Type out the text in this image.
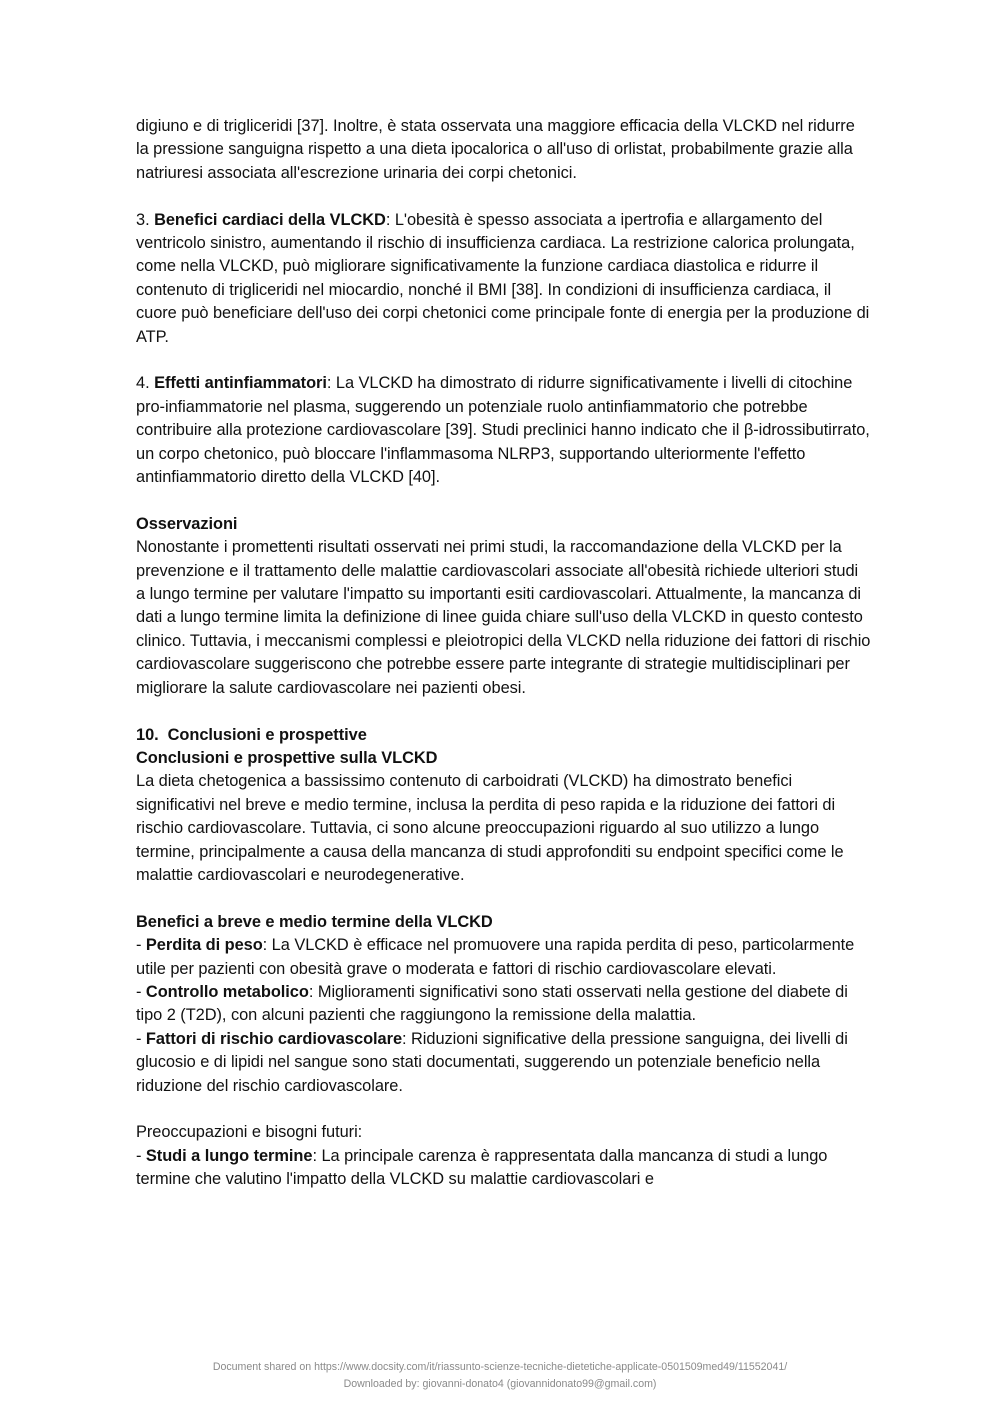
digiuno e di trigliceridi [37]. Inoltre, è stata osservata una maggiore efficacia della VLCKD nel ridurre la pressione sanguigna rispetto a una dieta ipocalorica o all'uso di orlistat, probabilmente grazie alla natriuresi associata all'escrezione urinaria dei corpi chetonici.

3. Benefici cardiaci della VLCKD: L'obesità è spesso associata a ipertrofia e allargamento del ventricolo sinistro, aumentando il rischio di insufficienza cardiaca. La restrizione calorica prolungata, come nella VLCKD, può migliorare significativamente la funzione cardiaca diastolica e ridurre il contenuto di trigliceridi nel miocardio, nonché il BMI [38]. In condizioni di insufficienza cardiaca, il cuore può beneficiare dell'uso dei corpi chetonici come principale fonte di energia per la produzione di ATP.

4. Effetti antinfiammatori: La VLCKD ha dimostrato di ridurre significativamente i livelli di citochine pro-infiammatorie nel plasma, suggerendo un potenziale ruolo antinfiammatorio che potrebbe contribuire alla protezione cardiovascolare [39]. Studi preclinici hanno indicato che il β-idrossibutirrato, un corpo chetonico, può bloccare l'inflammasoma NLRP3, supportando ulteriormente l'effetto antinfiammatorio diretto della VLCKD [40].

Osservazioni

Nonostante i promettenti risultati osservati nei primi studi, la raccomandazione della VLCKD per la prevenzione e il trattamento delle malattie cardiovascolari associate all'obesità richiede ulteriori studi a lungo termine per valutare l'impatto su importanti esiti cardiovascolari. Attualmente, la mancanza di dati a lungo termine limita la definizione di linee guida chiare sull'uso della VLCKD in questo contesto clinico. Tuttavia, i meccanismi complessi e pleiotropici della VLCKD nella riduzione dei fattori di rischio cardiovascolare suggeriscono che potrebbe essere parte integrante di strategie multidisciplinari per migliorare la salute cardiovascolare nei pazienti obesi.

10.  Conclusioni e prospettive

Conclusioni e prospettive sulla VLCKD

La dieta chetogenica a bassissimo contenuto di carboidrati (VLCKD) ha dimostrato benefici significativi nel breve e medio termine, inclusa la perdita di peso rapida e la riduzione dei fattori di rischio cardiovascolare. Tuttavia, ci sono alcune preoccupazioni riguardo al suo utilizzo a lungo termine, principalmente a causa della mancanza di studi approfonditi su endpoint specifici come le malattie cardiovascolari e neurodegenerative.

Benefici a breve e medio termine della VLCKD

- Perdita di peso: La VLCKD è efficace nel promuovere una rapida perdita di peso, particolarmente utile per pazienti con obesità grave o moderata e fattori di rischio cardiovascolare elevati.

- Controllo metabolico: Miglioramenti significativi sono stati osservati nella gestione del diabete di tipo 2 (T2D), con alcuni pazienti che raggiungono la remissione della malattia.

- Fattori di rischio cardiovascolare: Riduzioni significative della pressione sanguigna, dei livelli di glucosio e di lipidi nel sangue sono stati documentati, suggerendo un potenziale beneficio nella riduzione del rischio cardiovascolare.

Preoccupazioni e bisogni futuri:

- Studi a lungo termine: La principale carenza è rappresentata dalla mancanza di studi a lungo termine che valutino l'impatto della VLCKD su malattie cardiovascolari e

Document shared on https://www.docsity.com/it/riassunto-scienze-tecniche-dietetiche-applicate-0501509med49/11552041/
Downloaded by: giovanni-donato4 (giovannidonato99@gmail.com)
